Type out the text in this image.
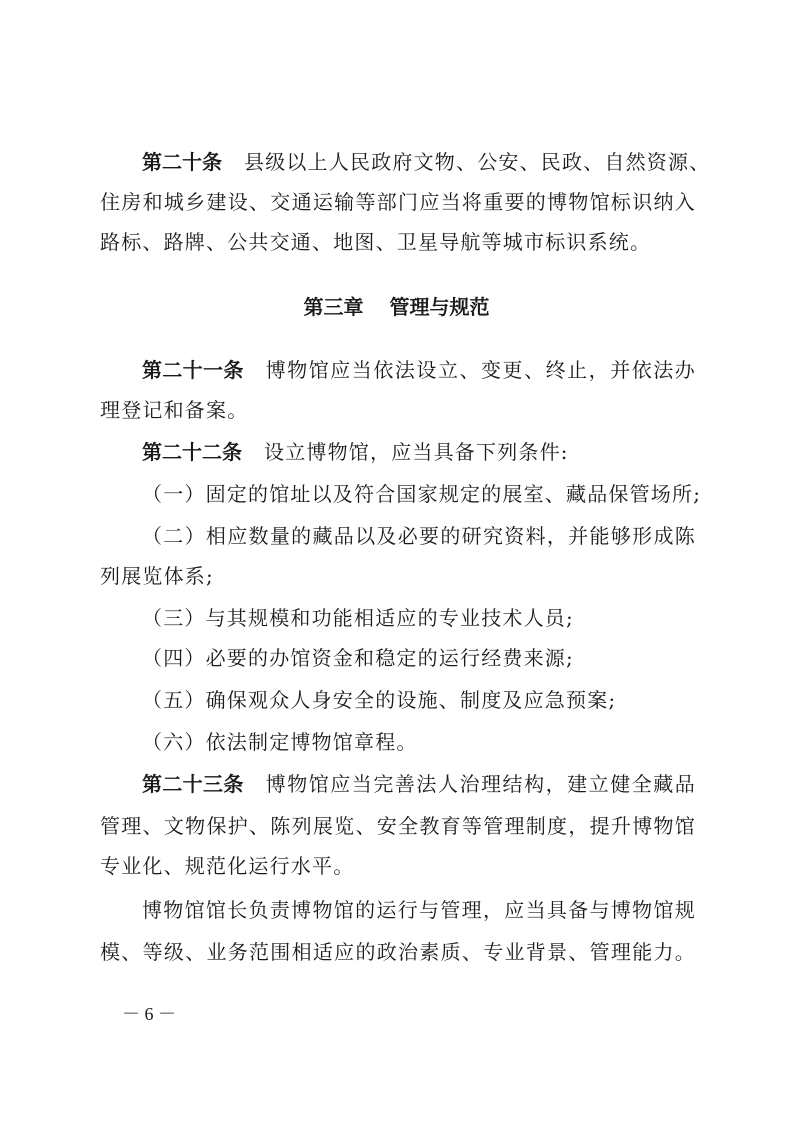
第二十条 县级以上人民政府文物、公安、民政、自然资源、
住房和城乡建设、交通运输等部门应当将重要的博物馆标识纳入
路标、路牌、公共交通、地图、卫星导航等城市标识系统。
第三章 管理与规范
第二十一条 博物馆应当依法设立、变更、终止，并依法办
理登记和备案。
第二十二条 设立博物馆，应当具备下列条件:
（一）固定的馆址以及符合国家规定的展室、藏品保管场所;
（二）相应数量的藏品以及必要的研究资料，并能够形成陈
列展览体系;
（三）与其规模和功能相适应的专业技术人员;
（四）必要的办馆资金和稳定的运行经费来源;
（五）确保观众人身安全的设施、制度及应急预案;
（六）依法制定博物馆章程。
第二十三条 博物馆应当完善法人治理结构，建立健全藏品
管理、文物保护、陈列展览、安全教育等管理制度，提升博物馆
专业化、规范化运行水平。
博物馆馆长负责博物馆的运行与管理，应当具备与博物馆规
模、等级、业务范围相适应的政治素质、专业背景、管理能力。
－ 6 －
